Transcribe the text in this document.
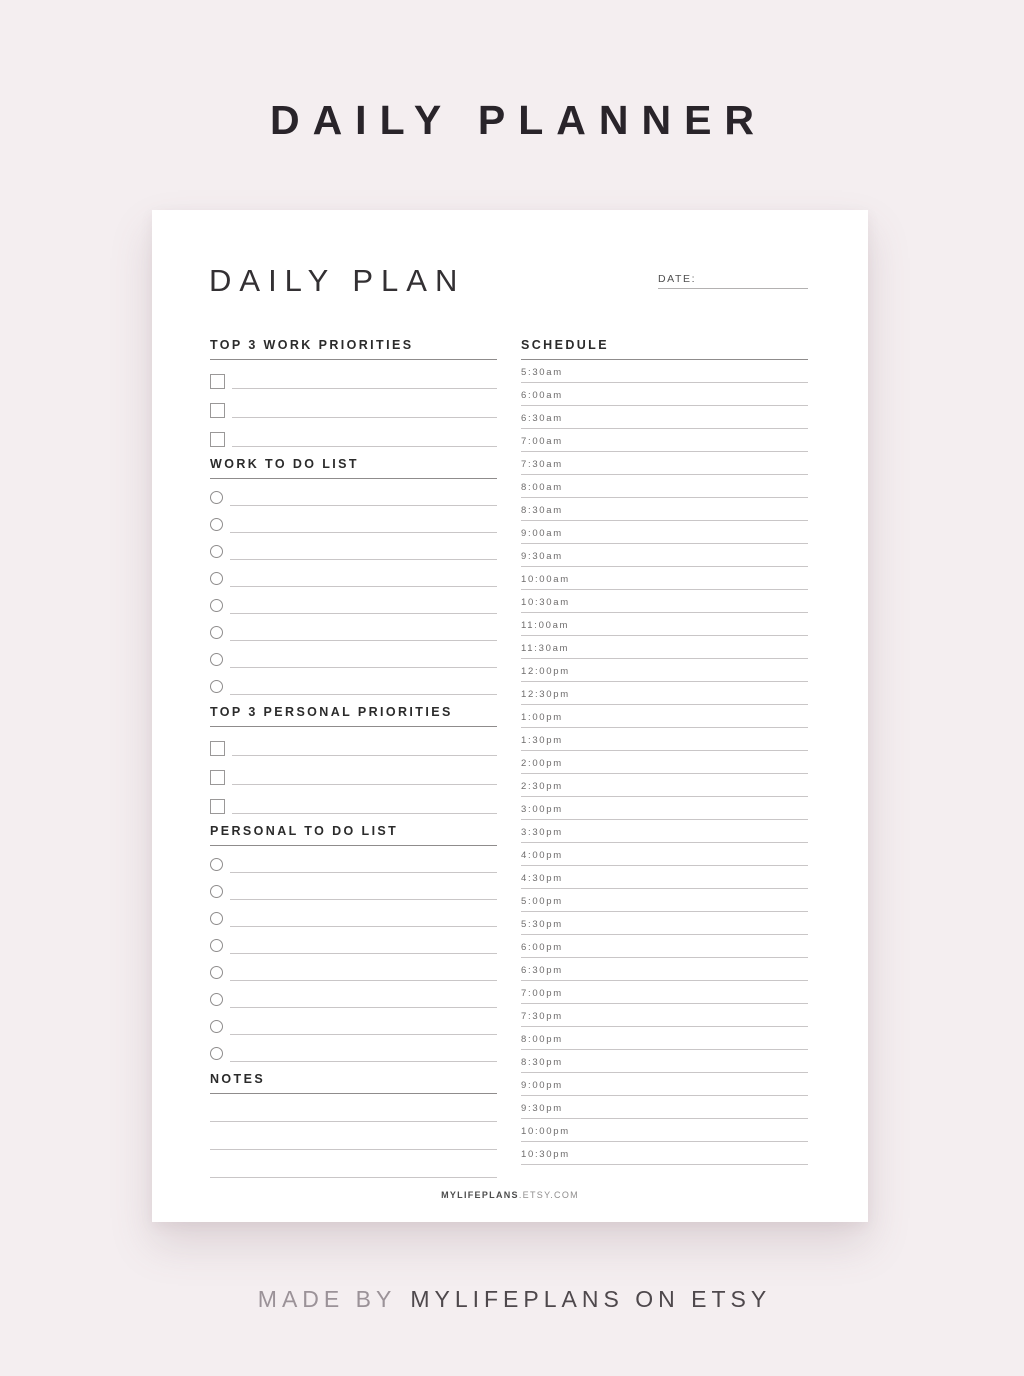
DAILY PLANNER
DAILY PLAN	DATE:
TOP 3 WORK PRIORITIES
WORK TO DO LIST
TOP 3 PERSONAL PRIORITIES
PERSONAL TO DO LIST
NOTES
SCHEDULE
5:30am
6:00am
6:30am
7:00am
7:30am
8:00am
8:30am
9:00am
9:30am
10:00am
10:30am
11:00am
11:30am
12:00pm
12:30pm
1:00pm
1:30pm
2:00pm
2:30pm
3:00pm
3:30pm
4:00pm
4:30pm
5:00pm
5:30pm
6:00pm
6:30pm
7:00pm
7:30pm
8:00pm
8:30pm
9:00pm
9:30pm
10:00pm
10:30pm
MYLIFEPLANS.ETSY.COM
MADE BY MYLIFEPLANS ON ETSY
